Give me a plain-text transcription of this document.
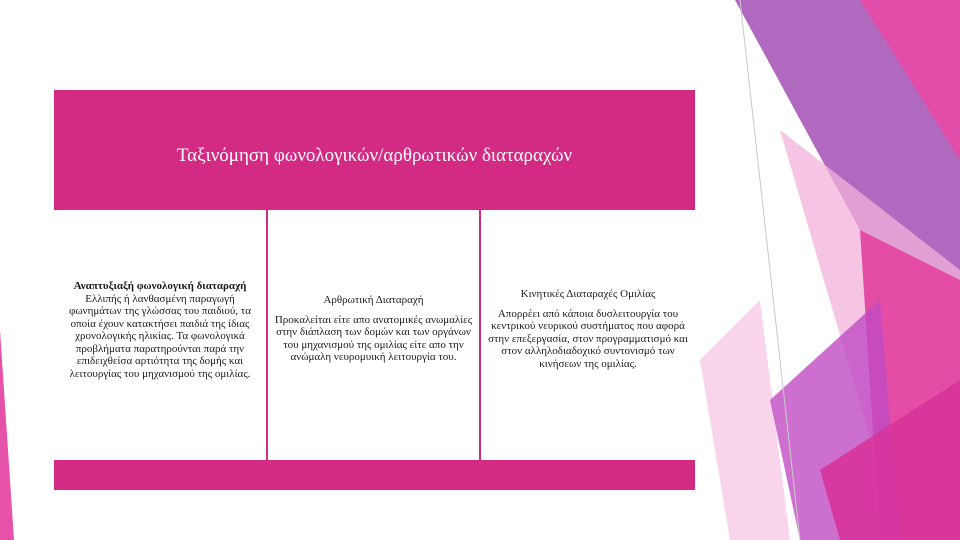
Ταξινόμηση φωνολογικών/αρθρωτικών διαταραχών

Αναπτυξιαξή φωνολογική διαταραχή

Ελλιπής ή λανθασμένη παραγωγή φωνημάτων της γλώσσας του παιδιού, τα οποία έχουν κατακτήσει παιδιά της ίδιας χρονολογικής ηλικίας. Τα φωνολογικά προβλήματα παρατηρούνται παρά την επιδειχθείσα αρτιότητα της δομής και λειτουργίας του μηχανισμού της ομιλίας.

Αρθρωτική Διαταραχή

Προκαλείται είτε απο ανατομικές ανωμαλίες στην διάπλαση των δομών και των οργάνων του μηχανισμού της ομιλίας είτε απο την ανώμαλη νευρομυική λειτουργία του.

Κινητικές Διαταραχές Ομιλίας

Απορρέει από κάποια δυσλειτουργία του κεντρικού νευρικού συστήματος που αφορά στην επεξεργασία, στον προγραμματισμό και στον αλληλοδιαδοχικό συντονισμό των κινήσεων της ομιλίας.
